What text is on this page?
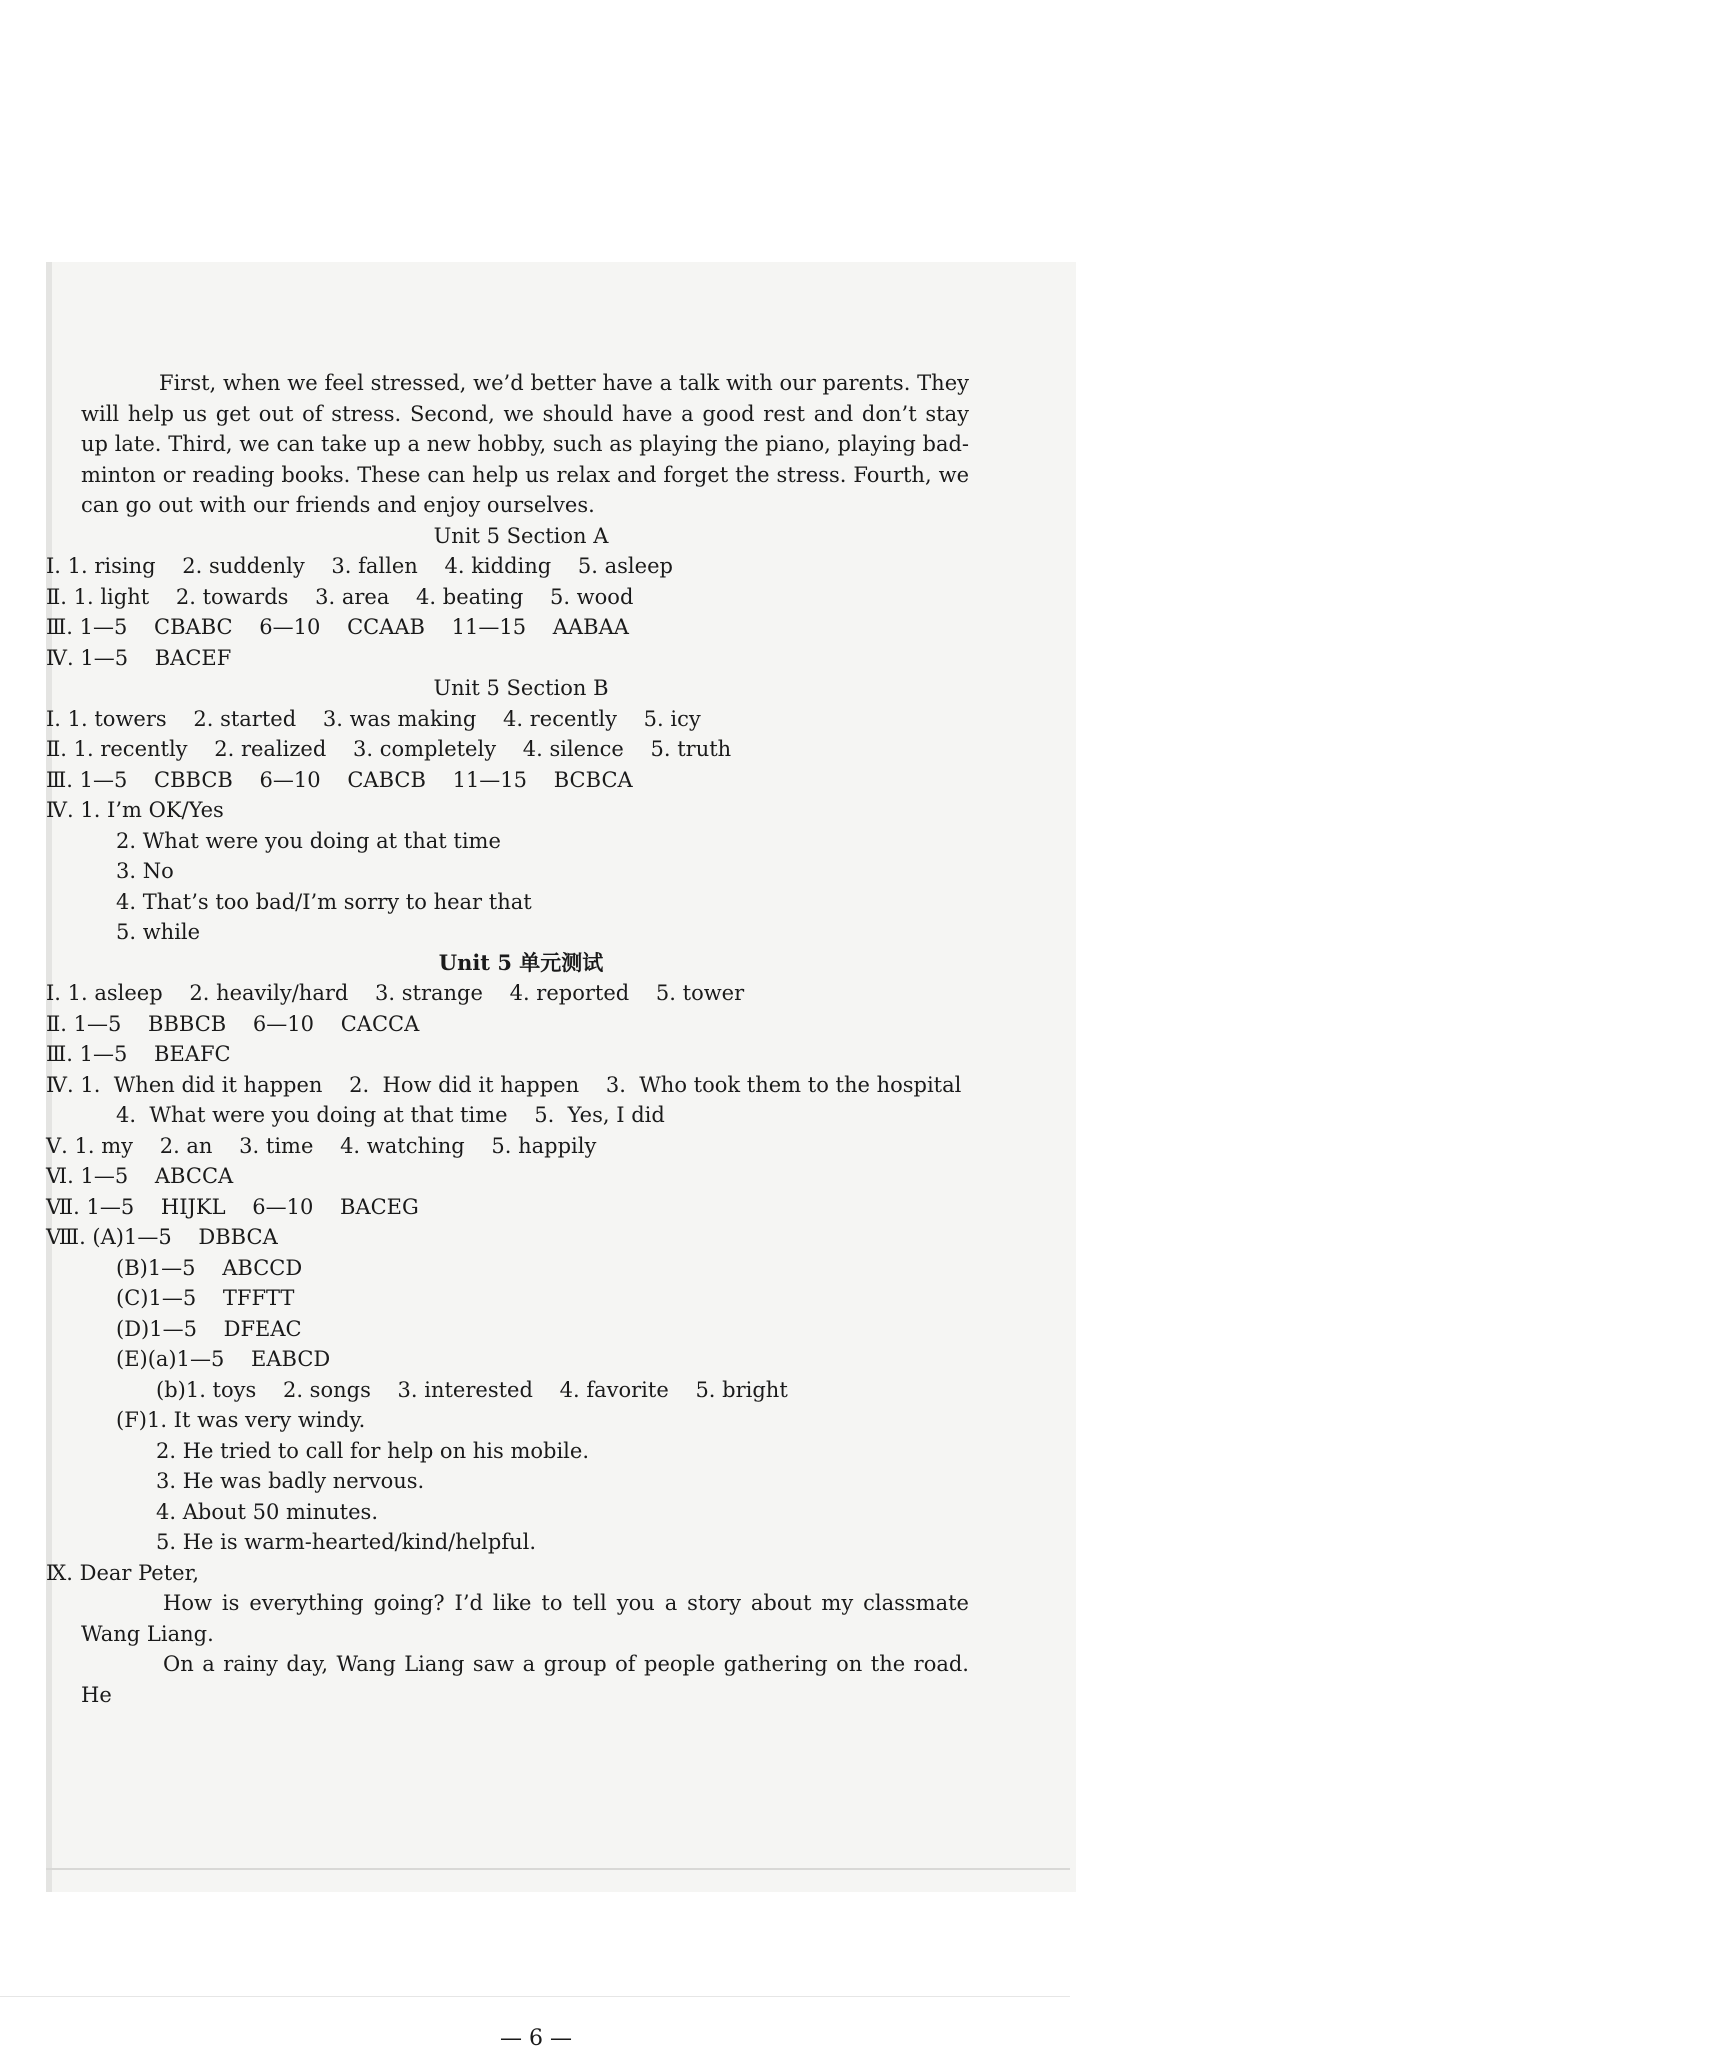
First, when we feel stressed, we’d better have a talk with our parents. They will help us get out of stress. Second, we should have a good rest and don’t stay up late. Third, we can take up a new hobby, such as playing the piano, playing bad-minton or reading books. These can help us relax and forget the stress. Fourth, we can go out with our friends and enjoy ourselves.

Unit 5 Section A

Ⅰ. 1. rising    2. suddenly    3. fallen    4. kidding    5. asleep

Ⅱ. 1. light    2. towards    3. area    4. beating    5. wood

Ⅲ. 1—5    CBABC    6—10    CCAAB    11—15    AABAA

Ⅳ. 1—5    BACEF

Unit 5 Section B

Ⅰ. 1. towers    2. started    3. was making    4. recently    5. icy

Ⅱ. 1. recently    2. realized    3. completely    4. silence    5. truth

Ⅲ. 1—5    CBBCB    6—10    CABCB    11—15    BCBCA

Ⅳ. 1. I’m OK/Yes

2. What were you doing at that time

3. No

4. That’s too bad/I’m sorry to hear that

5. while

Unit 5 单元测试

Ⅰ. 1. asleep    2. heavily/hard    3. strange    4. reported    5. tower

Ⅱ. 1—5    BBBCB    6—10    CACCA

Ⅲ. 1—5    BEAFC

Ⅳ. 1.  When did it happen    2.  How did it happen    3.  Who took them to the hospital

4.  What were you doing at that time    5.  Yes, I did

Ⅴ. 1. my    2. an    3. time    4. watching    5. happily

Ⅵ. 1—5    ABCCA

Ⅶ. 1—5    HIJKL    6—10    BACEG

Ⅷ. (A)1—5    DBBCA

(B)1—5    ABCCD

(C)1—5    TFFTT

(D)1—5    DFEAC

(E)(a)1—5    EABCD

(b)1. toys    2. songs    3. interested    4. favorite    5. bright

(F)1. It was very windy.

2. He tried to call for help on his mobile.

3. He was badly nervous.

4. About 50 minutes.

5. He is warm-hearted/kind/helpful.

Ⅸ. Dear Peter,

How is everything going? I’d like to tell you a story about my classmate Wang Liang.

On a rainy day, Wang Liang saw a group of people gathering on the road. He

— 6 —
